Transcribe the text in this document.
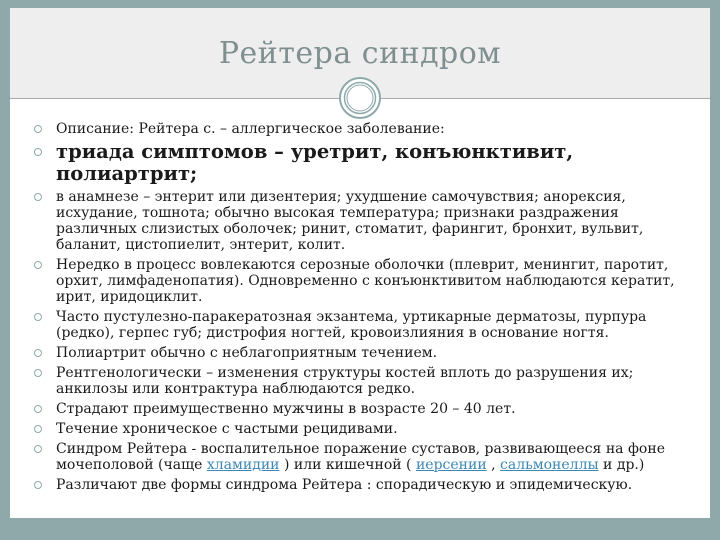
Рейтера синдром
Описание: Рейтера с. – аллергическое заболевание:
триада симптомов – уретрит, конъюнктивит, полиартрит;
в анамнезе – энтерит или дизентерия; ухудшение самочувствия; анорексия, исхудание, тошнота; обычно высокая температура; признаки раздражения различных слизистых оболочек; ринит, стоматит, фарингит, бронхит, вульвит, баланит, цистопиелит, энтерит, колит.
Нередко в процесс вовлекаются серозные оболочки (плеврит, менингит, паротит, орхит, лимфаденопатия). Одновременно с конъюнктивитом наблюдаются кератит, ирит, иридоциклит.
Часто пустулезно-паракератозная экзантема, уртикарные дерматозы, пурпура (редко), герпес губ; дистрофия ногтей, кровоизлияния в основание ногтя.
Полиартрит обычно с неблагоприятным течением.
Рентгенологически – изменения структуры костей вплоть до разрушения их; анкилозы или контрактура наблюдаются редко.
Страдают преимущественно мужчины в возрасте 20 – 40 лет.
Течение хроническое с частыми рецидивами.
Синдром Рейтера - воспалительное поражение суставов, развивающееся на фоне мочеполовой (чаще хламидии ) или кишечной ( иерсении , сальмонеллы и др.)
Различают две формы синдрома Рейтера : спорадическую и эпидемическую.
